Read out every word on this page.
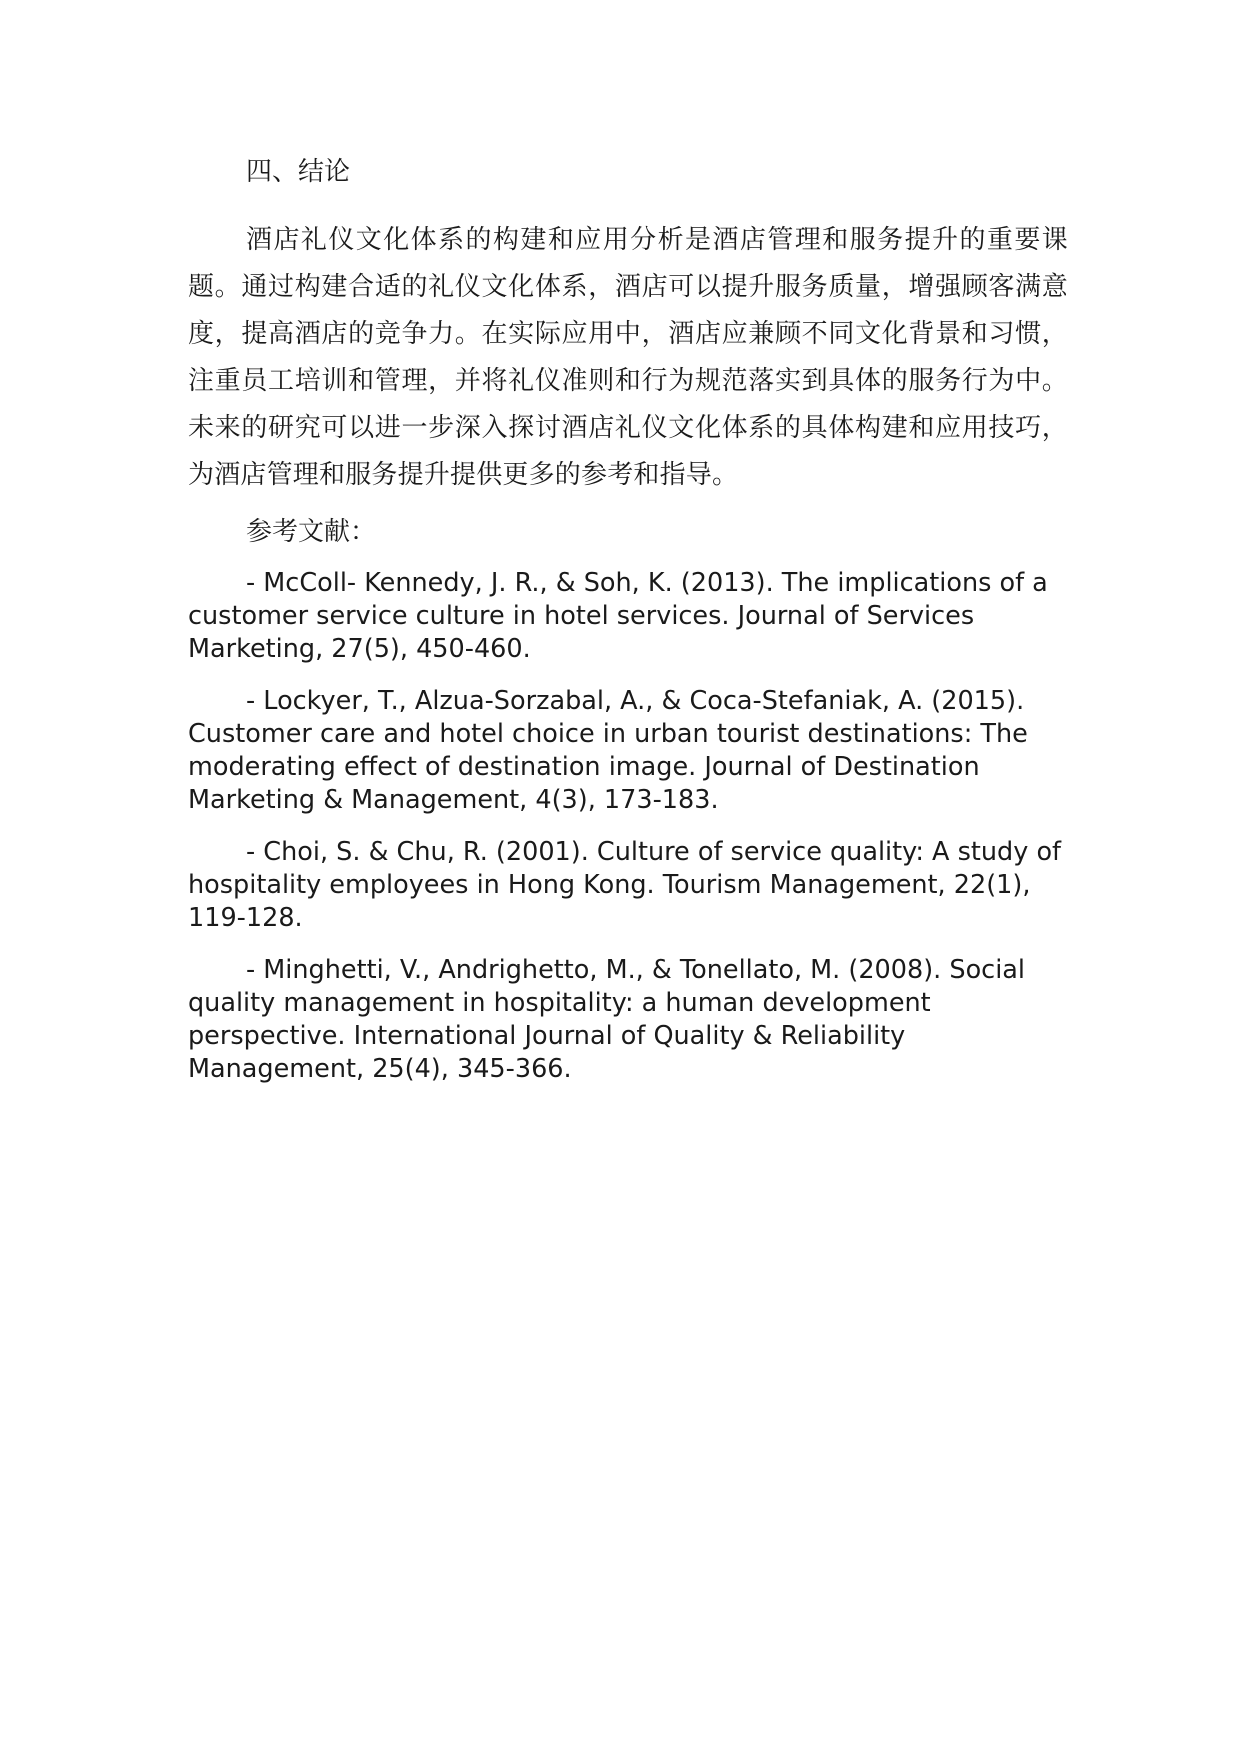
四、结论

酒店礼仪文化体系的构建和应用分析是酒店管理和服务提升的重要课题。通过构建合适的礼仪文化体系，酒店可以提升服务质量，增强顾客满意度，提高酒店的竞争力。在实际应用中，酒店应兼顾不同文化背景和习惯，注重员工培训和管理，并将礼仪准则和行为规范落实到具体的服务行为中。未来的研究可以进一步深入探讨酒店礼仪文化体系的具体构建和应用技巧，为酒店管理和服务提升提供更多的参考和指导。

参考文献：

- McColl- Kennedy, J. R., & Soh, K. (2013). The implications of a customer service culture in hotel services. Journal of Services Marketing, 27(5), 450-460.

- Lockyer, T., Alzua-Sorzabal, A., & Coca-Stefaniak, A. (2015). Customer care and hotel choice in urban tourist destinations: The moderating effect of destination image. Journal of Destination Marketing & Management, 4(3), 173-183.

- Choi, S. & Chu, R. (2001). Culture of service quality: A study of hospitality employees in Hong Kong. Tourism Management, 22(1), 119-128.

- Minghetti, V., Andrighetto, M., & Tonellato, M. (2008). Social quality management in hospitality: a human development perspective. International Journal of Quality & Reliability Management, 25(4), 345-366.
